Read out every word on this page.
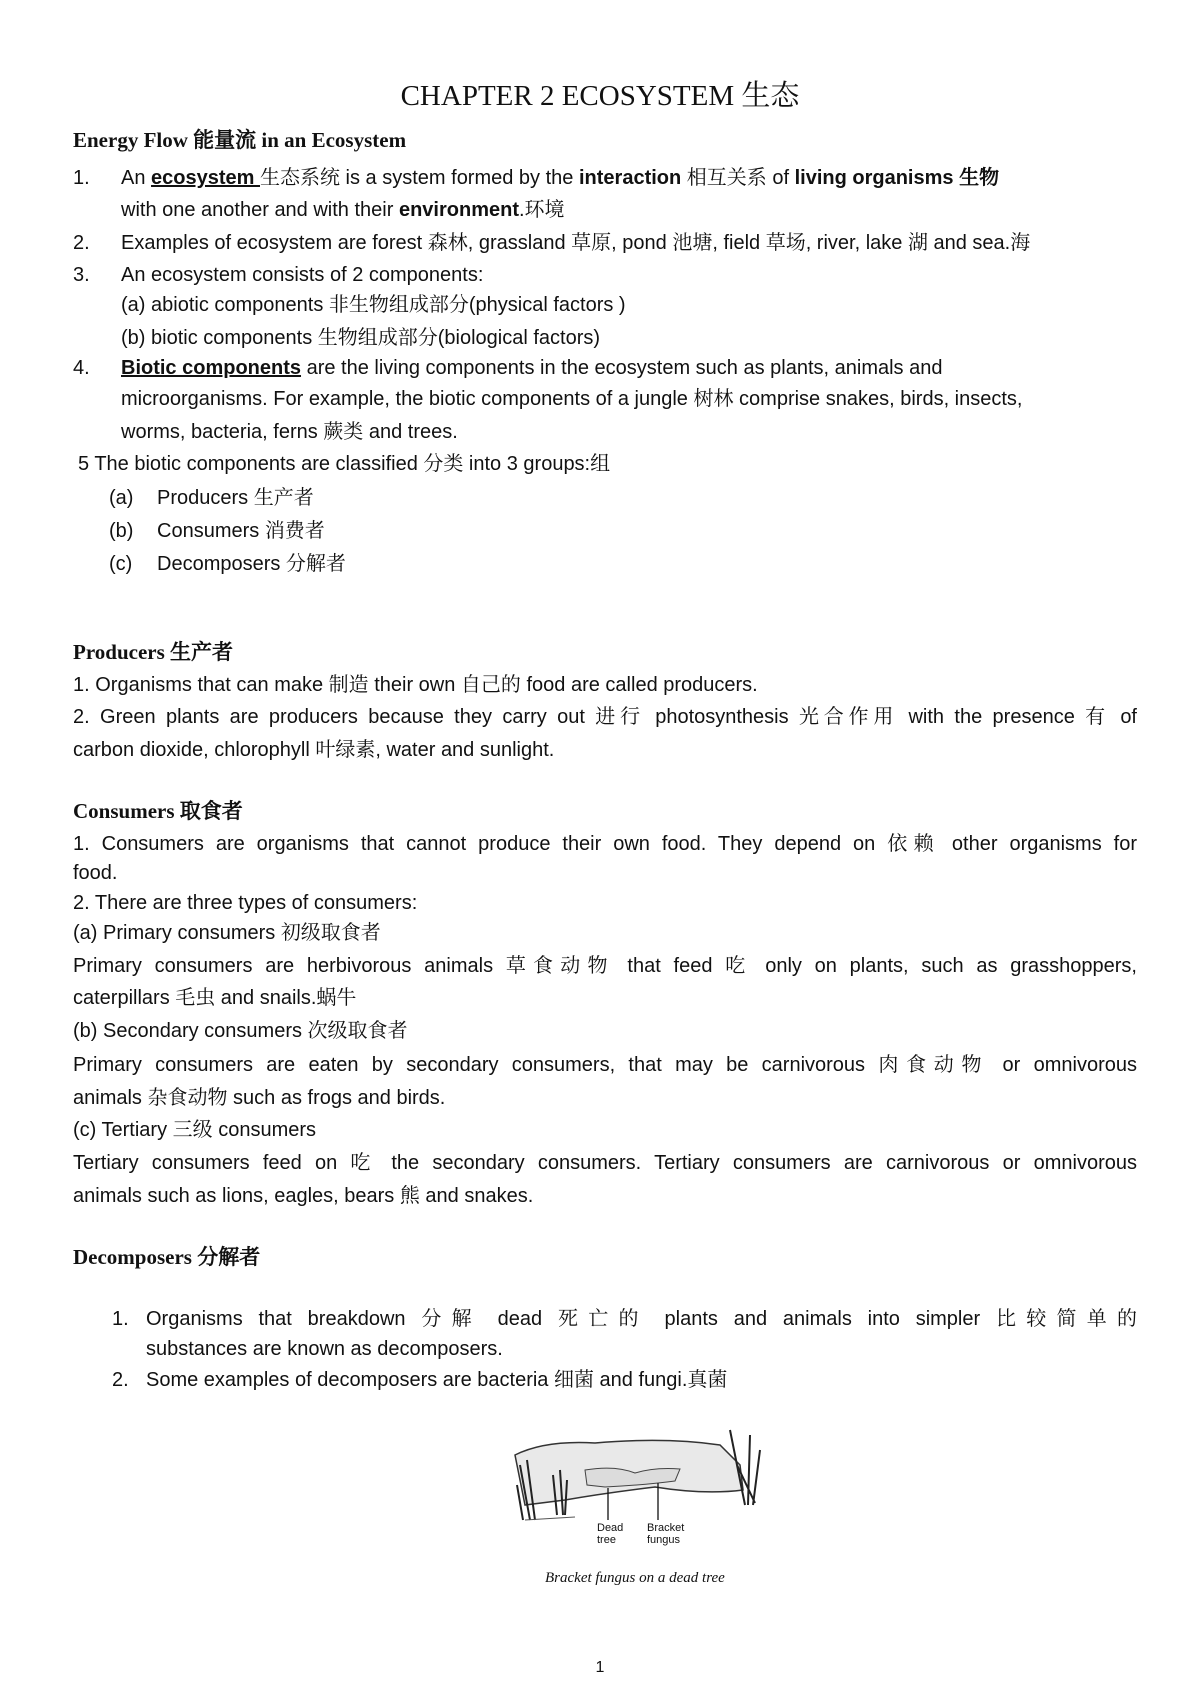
CHAPTER 2 ECOSYSTEM 生态
Energy Flow 能量流 in an Ecosystem
1. An ecosystem 生态系统 is a system formed by the interaction 相互关系 of living organisms 生物
with one another and with their environment.环境
2. Examples of ecosystem are forest 森林, grassland 草原, pond 池塘, field 草场, river, lake 湖 and sea.海
3. An ecosystem consists of 2 components:
(a) abiotic components 非生物组成部分(physical factors )
(b) biotic components 生物组成部分(biological factors)
4. Biotic components are the living components in the ecosystem such as plants, animals and
microorganisms. For example, the biotic components of a jungle 树林 comprise snakes, birds, insects,
worms, bacteria, ferns 蕨类 and trees.
5 The biotic components are classified 分类 into 3 groups:组
(a) Producers 生产者
(b) Consumers 消费者
(c) Decomposers 分解者
Producers 生产者
1. Organisms that can make 制造 their own 自己的 food are called producers.
2. Green plants are producers because they carry out 进行 photosynthesis 光合作用 with the presence 有 of
carbon dioxide, chlorophyll 叶绿素, water and sunlight.
Consumers 取食者
1. Consumers are organisms that cannot produce their own food. They depend on 依赖 other organisms for
food.
2. There are three types of consumers:
(a) Primary consumers 初级取食者
Primary consumers are herbivorous animals 草食动物 that feed 吃 only on plants, such as grasshoppers,
caterpillars 毛虫 and snails.蜗牛
(b) Secondary consumers 次级取食者
Primary consumers are eaten by secondary consumers, that may be carnivorous 肉食动物 or omnivorous
animals 杂食动物 such as frogs and birds.
(c) Tertiary 三级 consumers
Tertiary consumers feed on 吃 the secondary consumers. Tertiary consumers are carnivorous or omnivorous
animals such as lions, eagles, bears 熊 and snakes.
Decomposers 分解者
1. Organisms that breakdown 分解 dead 死亡的 plants and animals into simpler 比较简单的
substances are known as decomposers.
2. Some examples of decomposers are bacteria 细菌 and fungi.真菌
Dead
tree
Bracket
fungus
Bracket fungus on a dead tree
1
